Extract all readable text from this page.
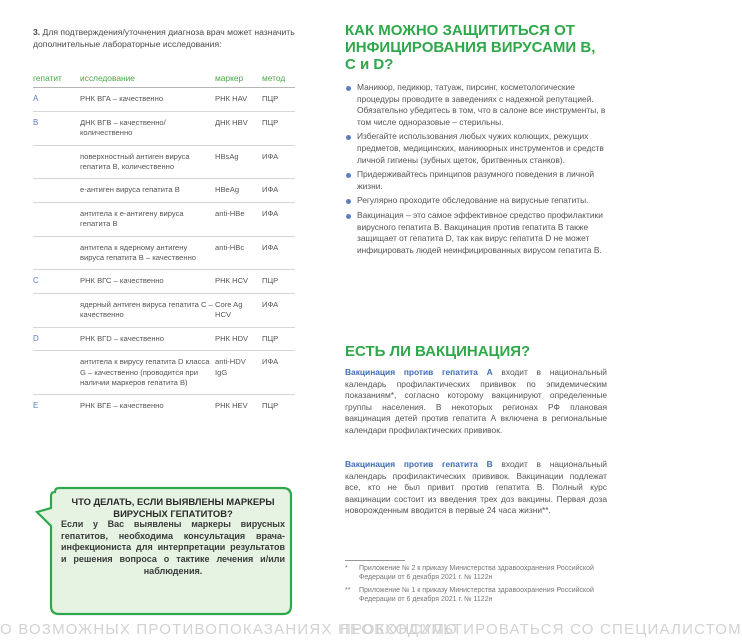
3. Для подтверждения/уточнения диагноза врач может назначить дополнительные лабораторные исследования:

гепатит	исследование	маркер	метод
A	РНК ВГА – качественно	РНК HAV	ПЦР
B	ДНК ВГВ – качественно/ количественно	ДНК HBV	ПЦР
	поверхностный антиген вируса гепатита В, количественно	HBsAg	ИФА
	е-антиген вируса гепатита В	HBeAg	ИФА
	антитела к е-антигену вируса гепатита В	anti-HBe	ИФА
	антитела к ядерному антигену вируса гепатита В – качественно	anti-HBc	ИФА
C	РНК ВГС – качественно	РНК HCV	ПЦР
	ядерный антиген вируса гепатита С – качественно	Core Ag HCV	ИФА
D	РНК ВГD – качественно	РНК HDV	ПЦР
	антитела к вирусу гепатита D класса G – качественно (проводится при наличии маркеров гепатита В)	anti-HDV IgG	ИФА
E	РНК ВГЕ – качественно	РНК HEV	ПЦР
ЧТО ДЕЛАТЬ, ЕСЛИ ВЫЯВЛЕНЫ МАРКЕРЫ ВИРУСНЫХ ГЕПАТИТОВ?
Если у Вас выявлены маркеры вирусных гепатитов, необходима консультация врача-инфекциониста для интерпретации результатов и решения вопроса о тактике лечения и/или наблюдения.
О ВОЗМОЖНЫХ ПРОТИВОПОКАЗАНИЯХ НЕОБХОДИМО
КАК МОЖНО ЗАЩИТИТЬСЯ ОТ ИНФИЦИРОВАНИЯ ВИРУСАМИ B, C и D?
Маникюр, педикюр, татуаж, пирсинг, косметологические процедуры проводите в заведениях с надежной репутацией. Обязательно убедитесь в том, что в салоне все инструменты, в том числе одноразовые – стерильны.
Избегайте использования любых чужих колющих, режущих предметов, медицинских, маникюрных инструментов и средств личной гигиены (зубных щеток, бритвенных станков).
Придерживайтесь принципов разумного поведения в личной жизни.
Регулярно проходите обследование на вирусные гепатиты.
Вакцинация – это самое эффективное средство профилактики вирусного гепатита В. Вакцинация против гепатита В также защищает от гепатита D, так как вирус гепатита D не может инфицировать людей неинфицированных вирусом гепатита В.
ЕСТЬ ЛИ ВАКЦИНАЦИЯ?

Вакцинация против гепатита А входит в национальный календарь профилактических прививок по эпидемическим показаниям*, согласно которому вакцинируют определенные группы населения. В некоторых регионах РФ плановая вакцинация детей против гепатита А включена в региональные календари профилактических прививок.

Вакцинация против гепатита В входит в национальный календарь профилактических прививок. Вакцинации подлежат все, кто не был привит против гепатита В. Полный курс вакцинации состоит из введения трех доз вакцины. Первая доза новорожденным вводится в первые 24 часа жизни**.

*	Приложение № 2 к приказу Министерства здравоохранения Российской Федерации от 6 декабря 2021 г. № 1122н
**	Приложение № 1 к приказу Министерства здравоохранения Российской Федерации от 6 декабря 2021 г. № 1122н
ПРОКОНСУЛЬТИРОВАТЬСЯ СО СПЕЦИАЛИСТОМ
